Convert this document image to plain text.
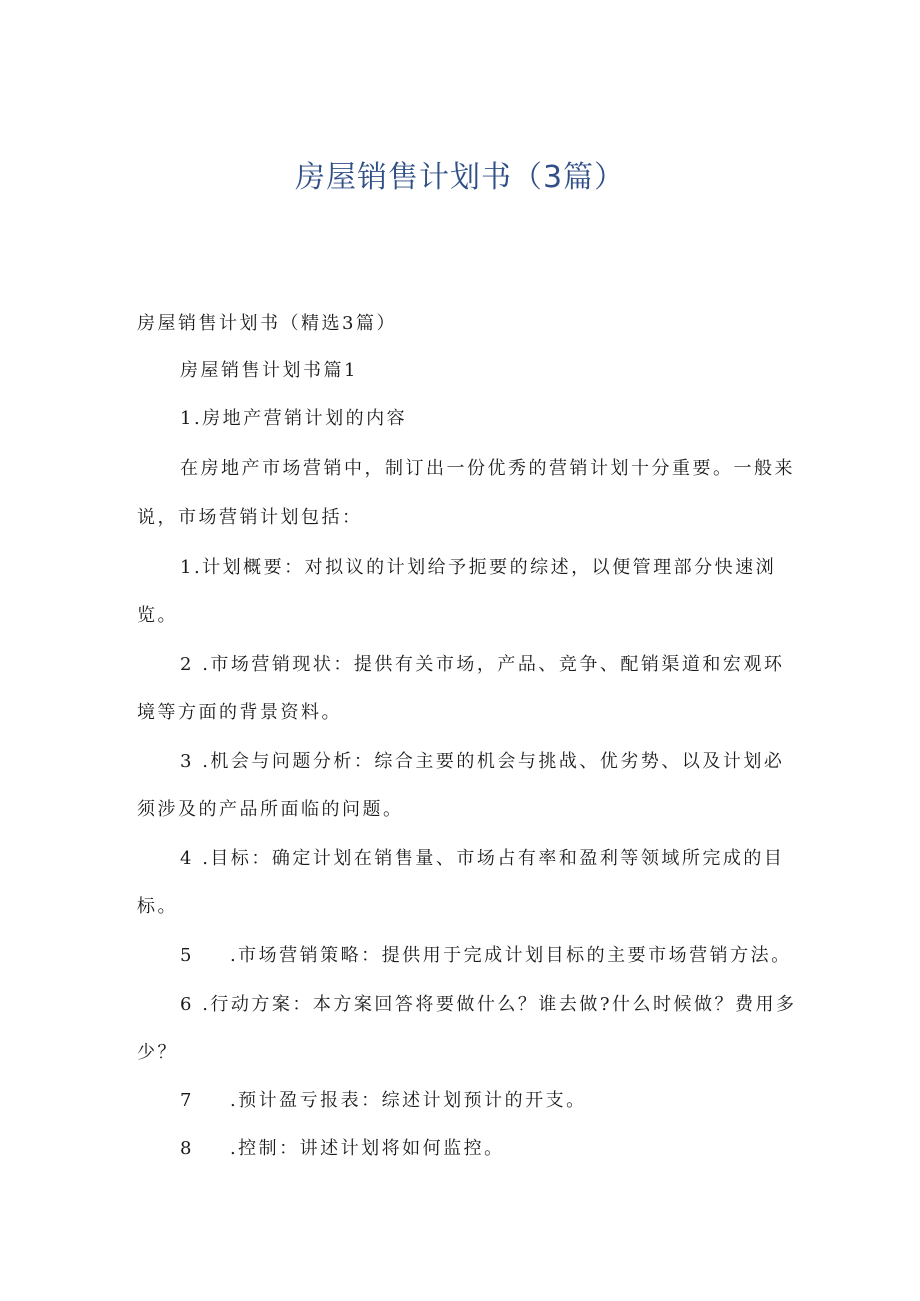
房屋销售计划书（3篇）
房屋销售计划书（精选3篇）
房屋销售计划书篇1
1.房地产营销计划的内容
在房地产市场营销中，制订出一份优秀的营销计划十分重要。一般来
说，市场营销计划包括：
1.计划概要：对拟议的计划给予扼要的综述，以便管理部分快速浏
览。
2 .市场营销现状：提供有关市场，产品、竞争、配销渠道和宏观环
境等方面的背景资料。
3 .机会与问题分析：综合主要的机会与挑战、优劣势、以及计划必
须涉及的产品所面临的问题。
4 .目标：确定计划在销售量、市场占有率和盈利等领域所完成的目
标。
5 .市场营销策略：提供用于完成计划目标的主要市场营销方法。
6 .行动方案：本方案回答将要做什么？谁去做?什么时候做？费用多
少？
7 .预计盈亏报表：综述计划预计的开支。
8 .控制：讲述计划将如何监控。
